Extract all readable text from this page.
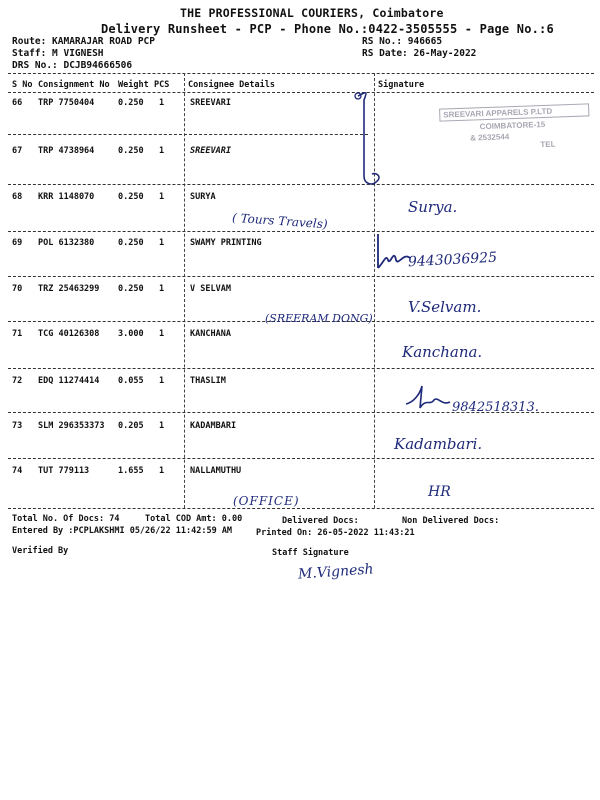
THE PROFESSIONAL COURIERS, Coimbatore
Delivery Runsheet - PCP - Phone No.:0422-3505555 - Page No.:6
Route: KAMARAJAR ROAD PCP
Staff: M VIGNESH
DRS No.: DCJB94666506
RS No.: 946665
RS Date: 26-May-2022
S No Consignment No Weight PCS Consignee Details	Signature
66 TRP 7750404	0.250 1	SREEVARI
67 TRP 4738964	0.250 1	SREEVARI
68 KRR 1148070	0.250 1	SURYA
69 POL 6132380	0.250 1	SWAMY PRINTING
70 TRZ 25463299 0.250 1	V SELVAM
71 TCG 40126308 3.000 1	KANCHANA
72 EDQ 11274414 0.055 1	THASLIM
73 SLM 296353373 0.205 1	KADAMBARI
74 TUT 779113	1.655 1	NALLAMUTHU
SREEVARI APPARELS P.LTD
COIMBATORE-15
& 2532544
TEL
( Tours Travels)
Surya.
9443036925
(SREERAM DONG)
V.Selvam.
Kanchana.
9842518313.
Kadambari.
HR
(OFFICE)
Total No. Of Docs: 74	Total COD Amt: 0.00	Delivered Docs:	Non Delivered Docs:
Entered By :PCPLAKSHMI 05/26/22 11:42:59 AM	Printed On: 26-05-2022 11:43:21
Verified By	Staff Signature
M.Vignesh
